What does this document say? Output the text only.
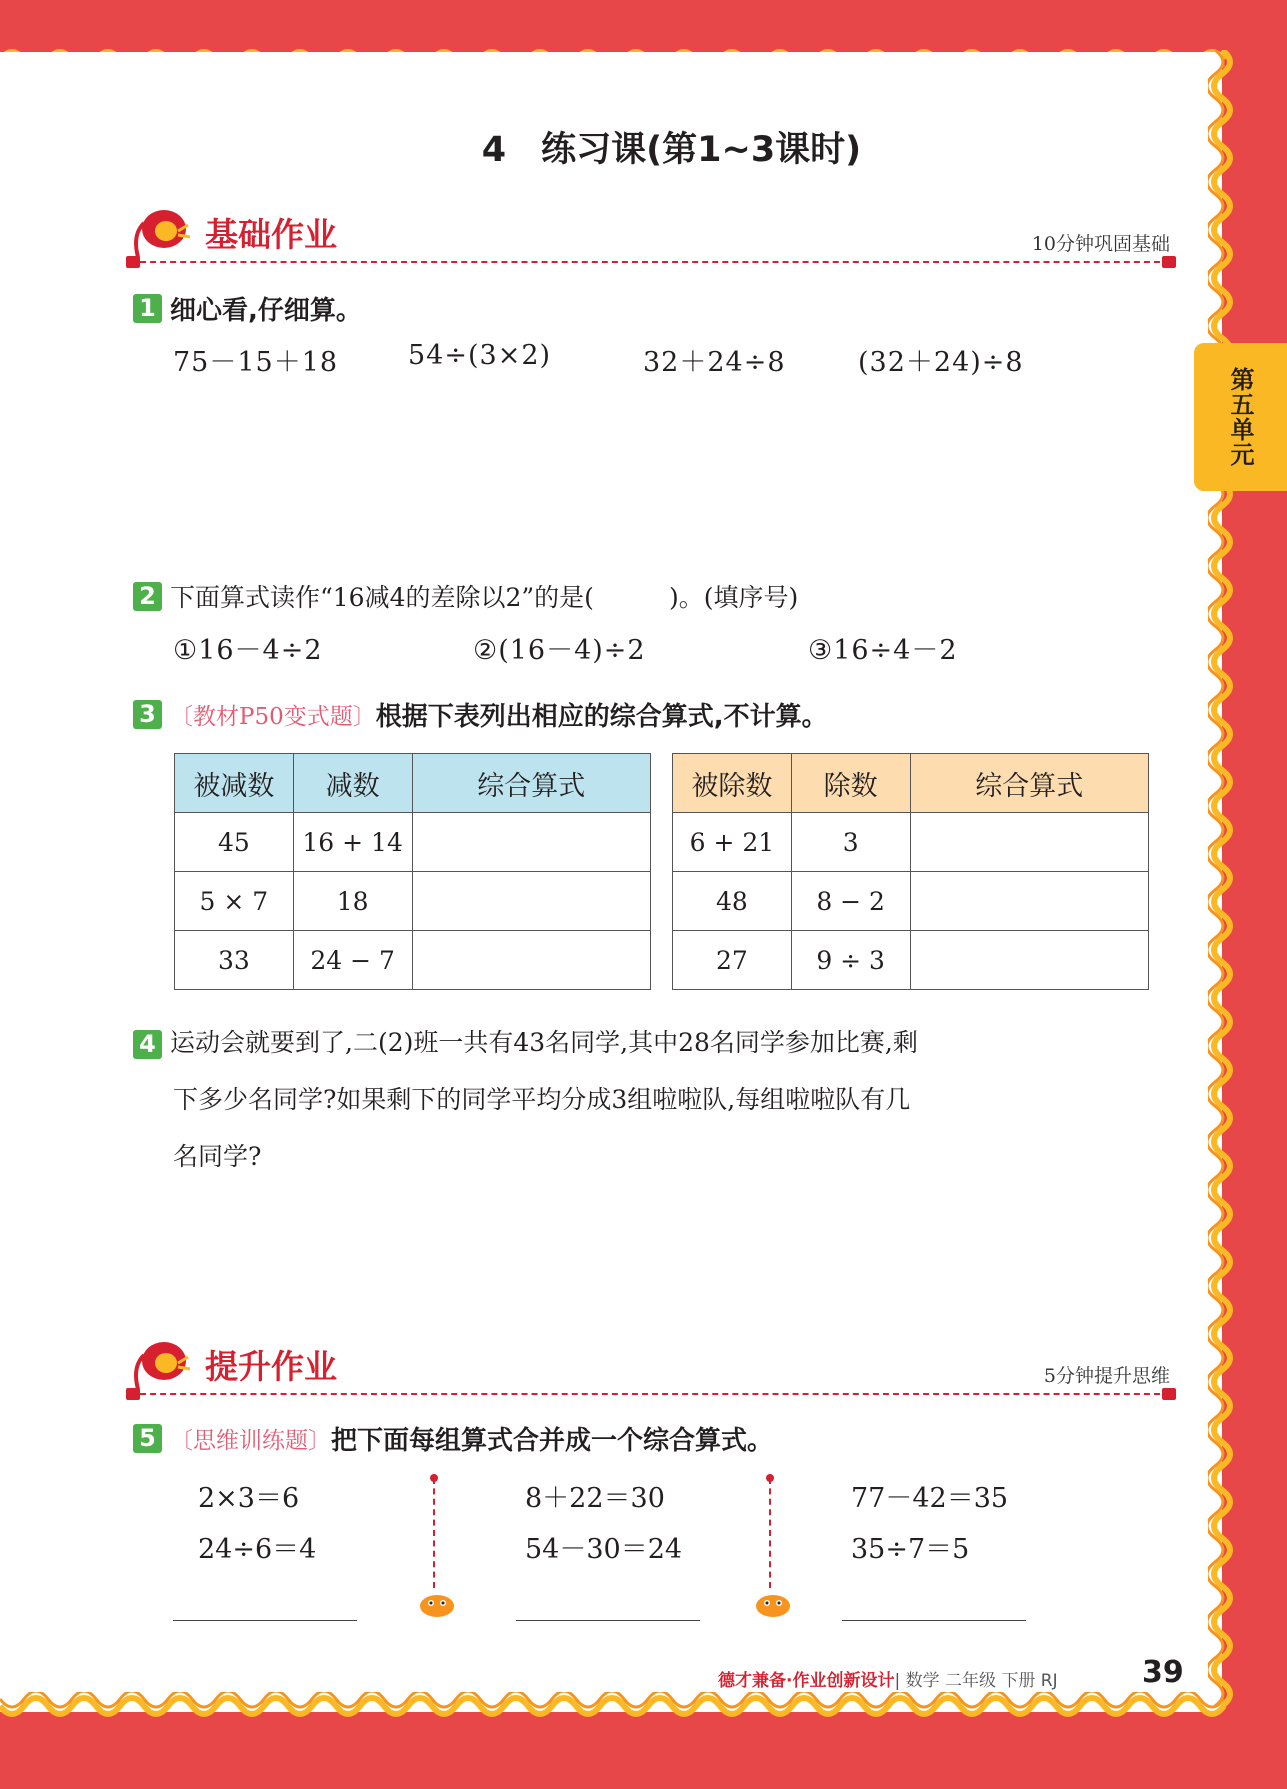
第五单元
4　练习课(第1~3课时)
基础作业	10分钟巩固基础
1 细心看,仔细算。
75－15＋18	54÷(3×2)	32＋24÷8	(32＋24)÷8
2 下面算式读作“16减4的差除以2”的是(　　　)。(填序号)
①16－4÷2	②(16－4)÷2	③16÷4－2
3 〔教材P50变式题〕根据下表列出相应的综合算式,不计算。
被减数	减数	综合算式
45	16 + 14	
5 × 7	18	
33	24 − 7	
被除数	除数	综合算式
6 + 21	3	
48	8 − 2	
27	9 ÷ 3	
4 运动会就要到了,二(2)班一共有43名同学,其中28名同学参加比赛,剩
下多少名同学?如果剩下的同学平均分成3组啦啦队,每组啦啦队有几
名同学?
提升作业	5分钟提升思维
5 〔思维训练题〕把下面每组算式合并成一个综合算式。
2×3＝6
24÷6＝4
8＋22＝30
54－30＝24
77－42＝35
35÷7＝5
德才兼备·作业创新设计| 数学 二年级 下册 RJ	39
